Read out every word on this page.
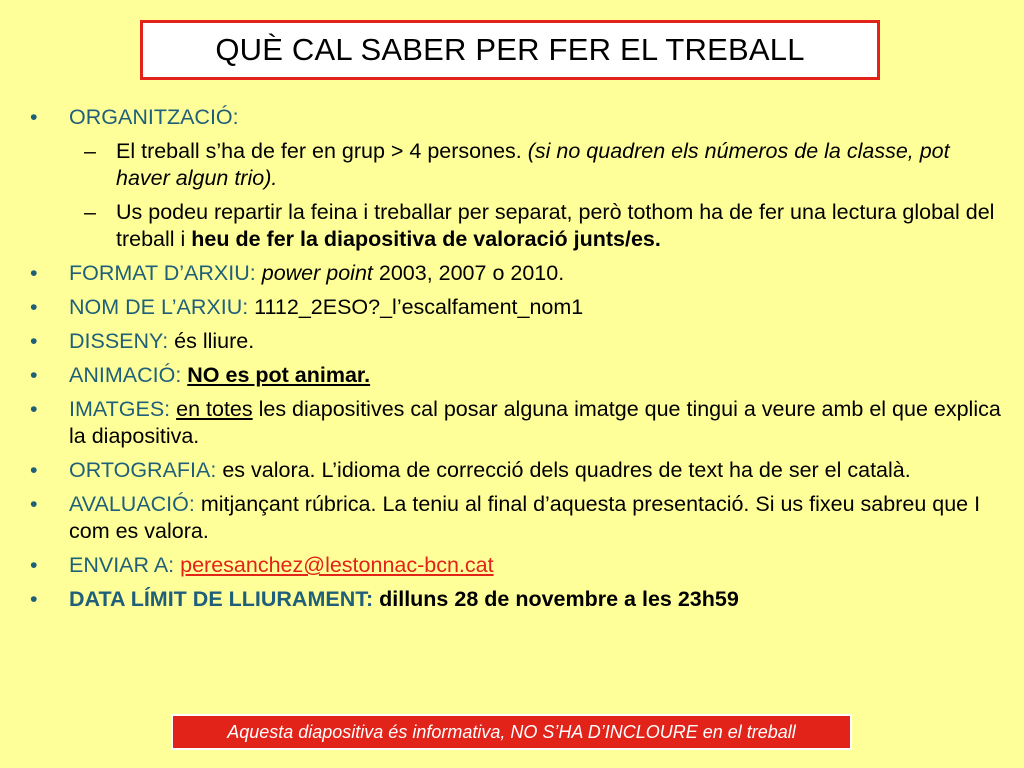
QUÈ CAL SABER PER FER EL TREBALL
• ORGANITZACIÓ:
– El treball s’ha de fer en grup > 4 persones. (si no quadren els números de la classe, pot haver algun trio).
– Us podeu repartir la feina i treballar per separat, però tothom ha de fer una lectura global del treball i heu de fer la diapositiva de valoració junts/es.
• FORMAT D’ARXIU: power point 2003, 2007 o 2010.
• NOM DE L’ARXIU: 1112_2ESO?_l’escalfament_nom1
• DISSENY: és lliure.
• ANIMACIÓ: NO es pot animar.
• IMATGES: en totes les diapositives cal posar alguna imatge que tingui a veure amb el que explica la diapositiva.
• ORTOGRAFIA: es valora. L’idioma de correcció dels quadres de text ha de ser el català.
• AVALUACIÓ: mitjançant rúbrica. La teniu al final d’aquesta presentació. Si us fixeu sabreu que I com es valora.
• ENVIAR A: peresanchez@lestonnac-bcn.cat
• DATA LÍMIT DE LLIURAMENT: dilluns 28 de novembre a les 23h59
Aquesta diapositiva és informativa, NO S’HA D’INCLOURE en el treball
